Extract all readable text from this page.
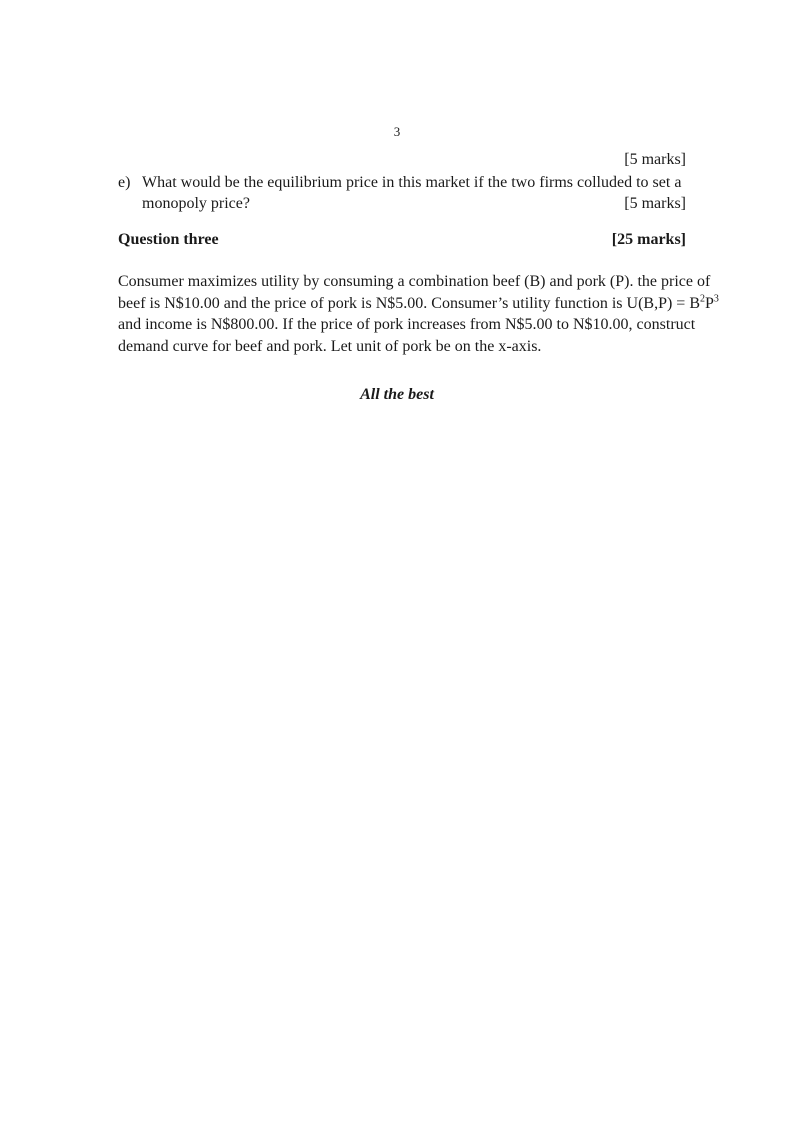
3
[5 marks]
e) What would be the equilibrium price in this market if the two firms colluded to set a
monopoly price?	[5 marks]
Question three	[25 marks]
Consumer maximizes utility by consuming a combination beef (B) and pork (P). the price of
beef is N$10.00 and the price of pork is N$5.00. Consumer’s utility function is $U(B,P) = B^2P^3$
and income is N$800.00. If the price of pork increases from N$5.00 to N$10.00, construct
demand curve for beef and pork. Let unit of pork be on the x-axis.
All the best
